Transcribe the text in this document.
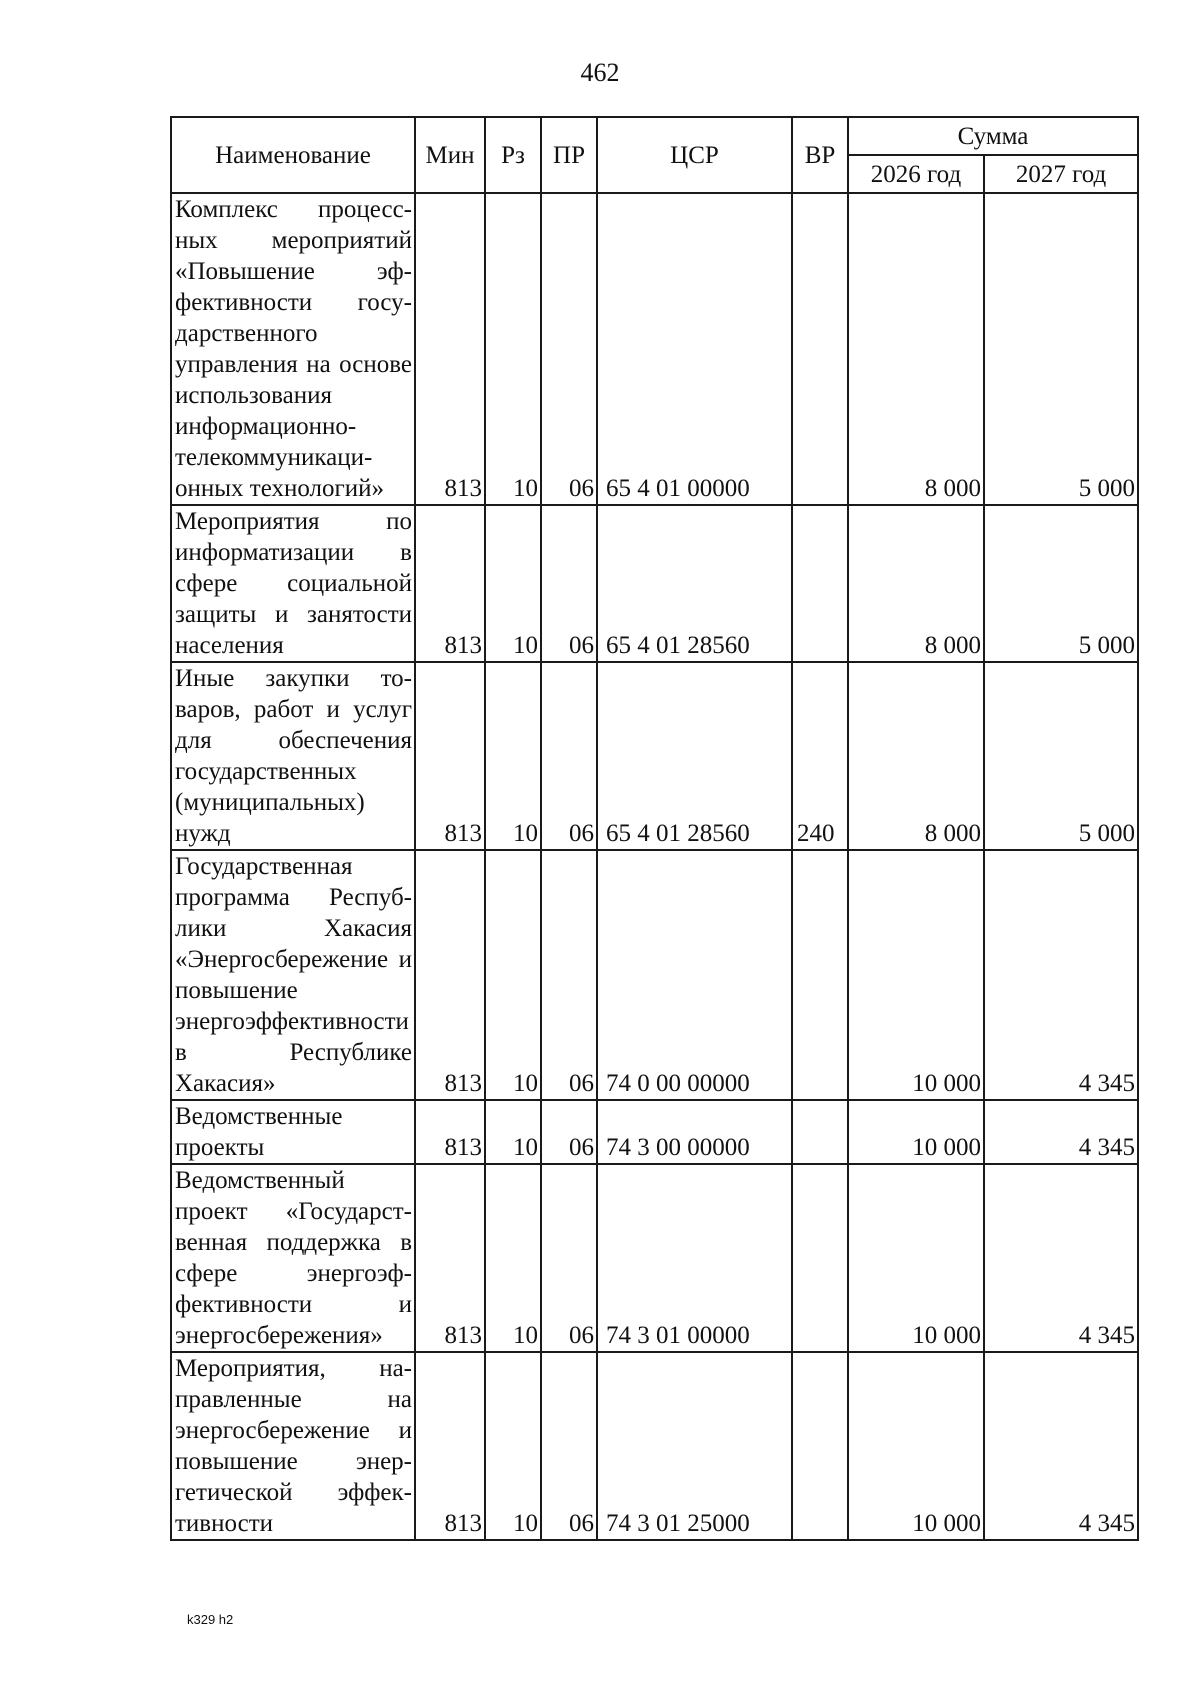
462
Наименование	Мин	Рз	ПР	ЦСР	ВР	Сумма	
						2026 год	2027 год
Комплекс процессных мероприятий «Повышение эффективности государственного управления на основе использования информационно-телекоммуникационных технологий»	813	10	06	65 4 01 00000		8 000	5 000
Мероприятия по информатизации в сфере социальной защиты и занятости населения	813	10	06	65 4 01 28560		8 000	5 000
Иные закупки товаров, работ и услуг для обеспечения государственных (муниципальных) нужд	813	10	06	65 4 01 28560	240	8 000	5 000
Государственная программа Республики Хакасия «Энергосбережение и повышение энергоэффективности в Республике Хакасия»	813	10	06	74 0 00 00000		10 000	4 345
Ведомственные проекты	813	10	06	74 3 00 00000		10 000	4 345
Ведомственный проект «Государственная поддержка в сфере энергоэффективности и энергосбережения»	813	10	06	74 3 01 00000		10 000	4 345
Мероприятия, направленные на энергосбережение и повышение энергетической эффективности	813	10	06	74 3 01 25000		10 000	4 345
k329 h2
